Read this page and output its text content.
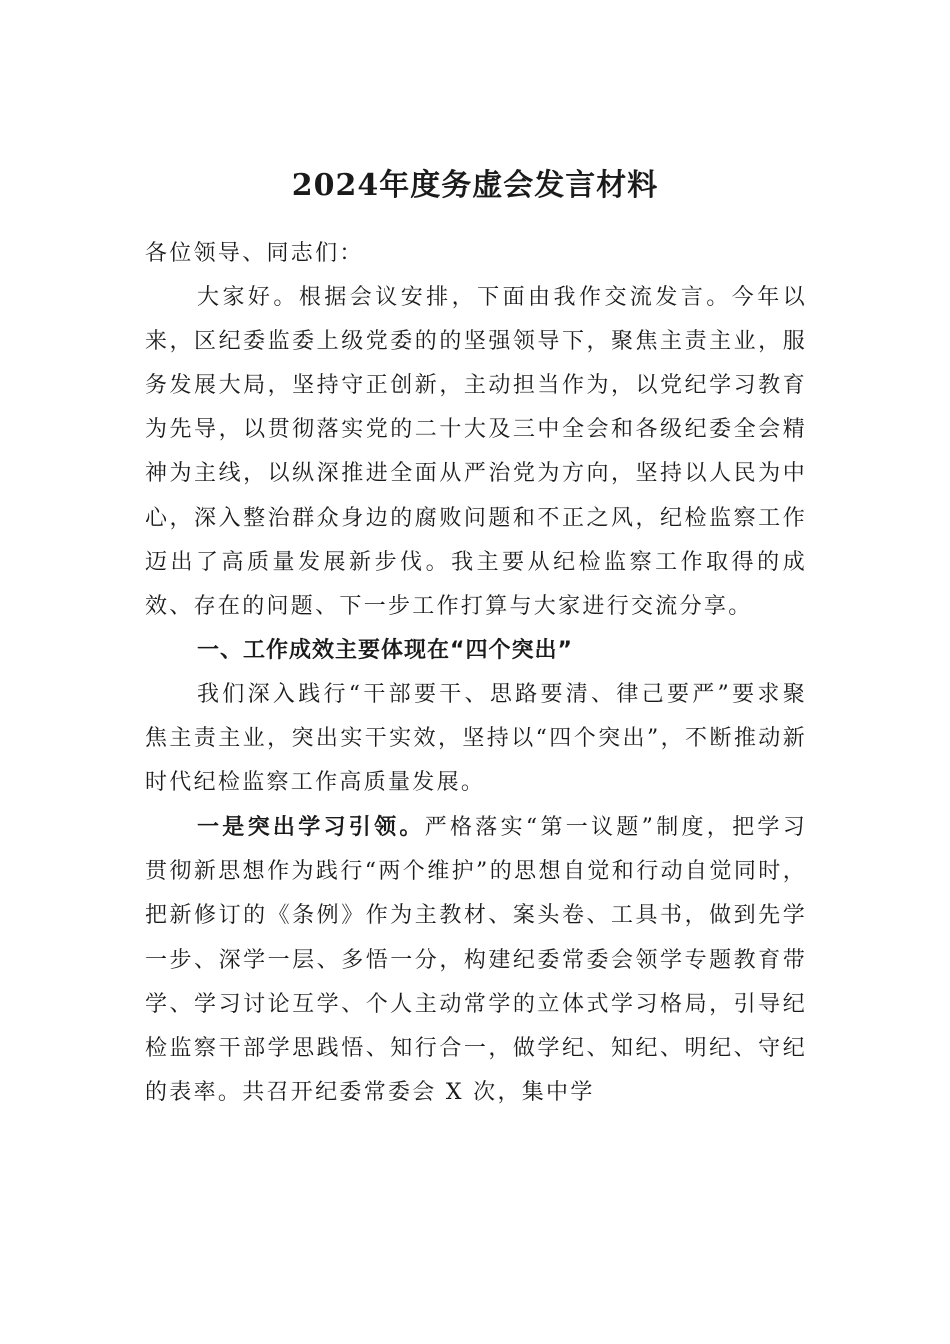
2024年度务虚会发言材料

各位领导、同志们：

大家好。根据会议安排，下面由我作交流发言。今年以来，区纪委监委上级党委的的坚强领导下，聚焦主责主业，服务发展大局，坚持守正创新，主动担当作为，以党纪学习教育为先导，以贯彻落实党的二十大及三中全会和各级纪委全会精神为主线，以纵深推进全面从严治党为方向，坚持以人民为中心，深入整治群众身边的腐败问题和不正之风，纪检监察工作迈出了高质量发展新步伐。我主要从纪检监察工作取得的成效、存在的问题、下一步工作打算与大家进行交流分享。

一、工作成效主要体现在“四个突出”

我们深入践行“干部要干、思路要清、律己要严”要求聚焦主责主业，突出实干实效，坚持以“四个突出”，不断推动新时代纪检监察工作高质量发展。

一是突出学习引领。严格落实“第一议题”制度，把学习贯彻新思想作为践行“两个维护”的思想自觉和行动自觉同时，把新修订的《条例》作为主教材、案头卷、工具书，做到先学一步、深学一层、多悟一分，构建纪委常委会领学专题教育带学、学习讨论互学、个人主动常学的立体式学习格局，引导纪检监察干部学思践悟、知行合一，做学纪、知纪、明纪、守纪的表率。共召开纪委常委会 X 次，集中学
